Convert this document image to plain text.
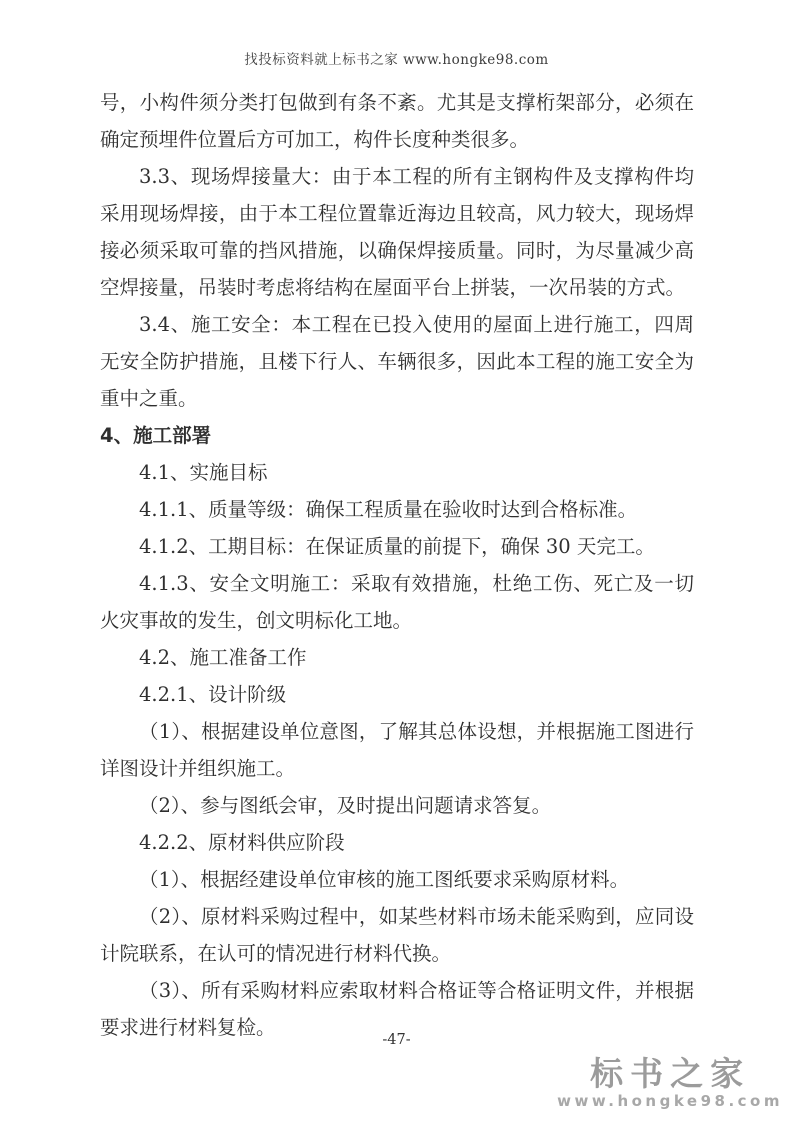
找投标资料就上标书之家 www.hongke98.com

号，小构件须分类打包做到有条不紊。尤其是支撑桁架部分，必须在确定预埋件位置后方可加工，构件长度种类很多。

3.3、现场焊接量大：由于本工程的所有主钢构件及支撑构件均采用现场焊接，由于本工程位置靠近海边且较高，风力较大，现场焊接必须采取可靠的挡风措施，以确保焊接质量。同时，为尽量减少高空焊接量，吊装时考虑将结构在屋面平台上拼装，一次吊装的方式。

3.4、施工安全：本工程在已投入使用的屋面上进行施工，四周无安全防护措施，且楼下行人、车辆很多，因此本工程的施工安全为重中之重。

4、施工部署

4.1、实施目标

4.1.1、质量等级：确保工程质量在验收时达到合格标准。

4.1.2、工期目标：在保证质量的前提下，确保 30 天完工。

4.1.3、安全文明施工：采取有效措施，杜绝工伤、死亡及一切火灾事故的发生，创文明标化工地。

4.2、施工准备工作

4.2.1、设计阶级

（1）、根据建设单位意图，了解其总体设想，并根据施工图进行详图设计并组织施工。

（2）、参与图纸会审，及时提出问题请求答复。

4.2.2、原材料供应阶段

（1）、根据经建设单位审核的施工图纸要求采购原材料。

（2）、原材料采购过程中，如某些材料市场未能采购到，应同设计院联系，在认可的情况进行材料代换。

（3）、所有采购材料应索取材料合格证等合格证明文件，并根据要求进行材料复检。

-47-
标书之家
www.hongke98.com
